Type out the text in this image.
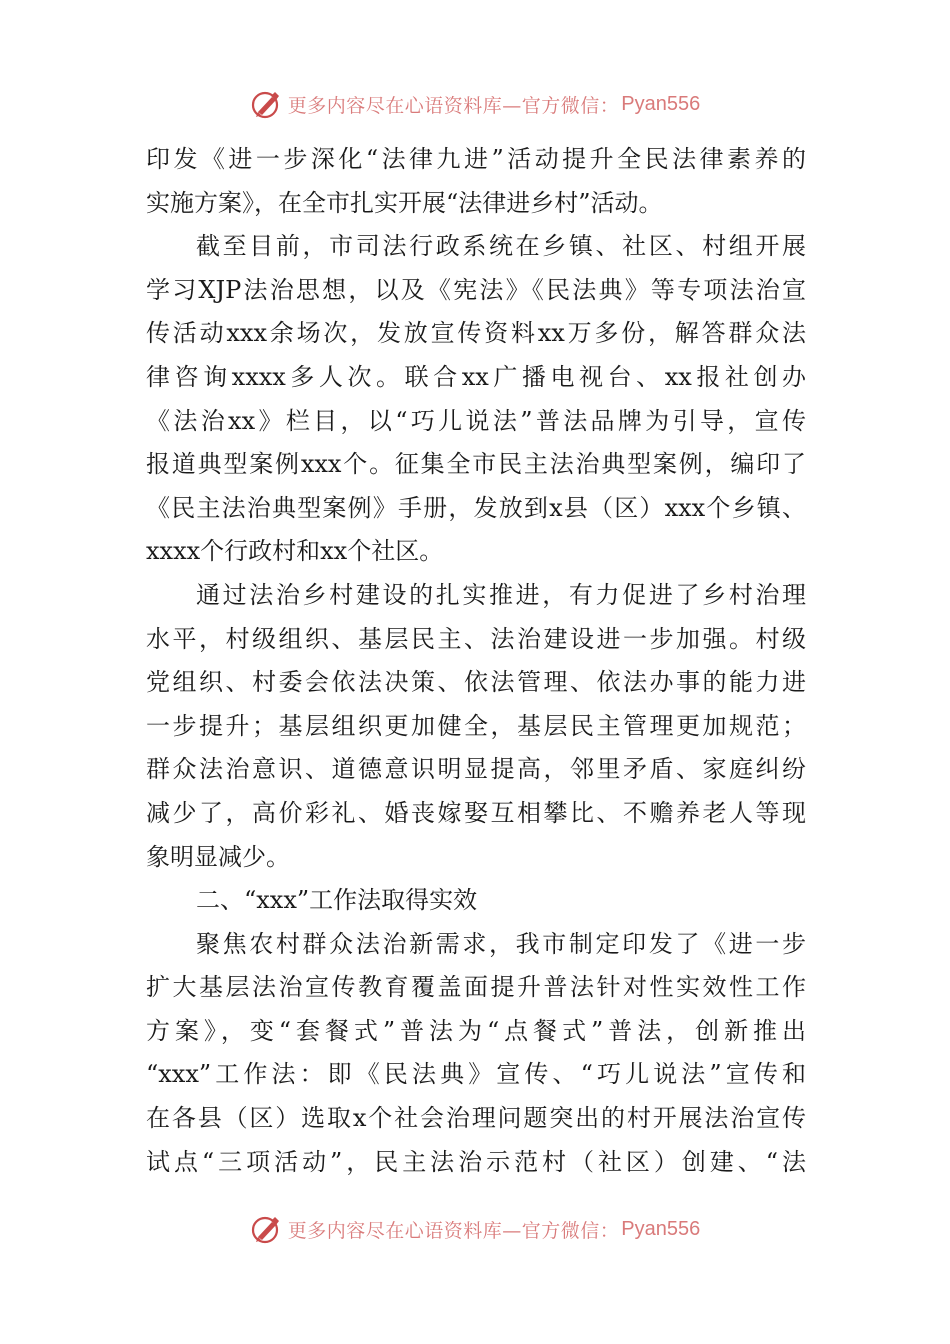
更多内容尽在心语资料库—官方微信： Pyan556
印发《进一步深化“法律九进”活动提升全民法律素养的
实施方案》，在全市扎实开展“法律进乡村”活动。
截至目前，市司法行政系统在乡镇、社区、村组开展
学习XJP法治思想，以及《宪法》《民法典》等专项法治宣
传活动xxx余场次，发放宣传资料xx万多份，解答群众法
律咨询xxxx多人次。联合xx广播电视台、xx报社创办
《法治xx》栏目，以“巧儿说法”普法品牌为引导，宣传
报道典型案例xxx个。征集全市民主法治典型案例，编印了
《民主法治典型案例》手册，发放到x县（区）xxx个乡镇、
xxxx个行政村和xx个社区。
通过法治乡村建设的扎实推进，有力促进了乡村治理
水平，村级组织、基层民主、法治建设进一步加强。村级
党组织、村委会依法决策、依法管理、依法办事的能力进
一步提升；基层组织更加健全，基层民主管理更加规范；
群众法治意识、道德意识明显提高，邻里矛盾、家庭纠纷
减少了，高价彩礼、婚丧嫁娶互相攀比、不赡养老人等现
象明显减少。
二、“xxx”工作法取得实效
聚焦农村群众法治新需求，我市制定印发了《进一步
扩大基层法治宣传教育覆盖面提升普法针对性实效性工作
方案》，变“套餐式”普法为“点餐式”普法，创新推出
“xxx”工作法：即《民法典》宣传、“巧儿说法”宣传和
在各县（区）选取x个社会治理问题突出的村开展法治宣传
试点“三项活动”，民主法治示范村（社区）创建、“法
更多内容尽在心语资料库—官方微信： Pyan556
